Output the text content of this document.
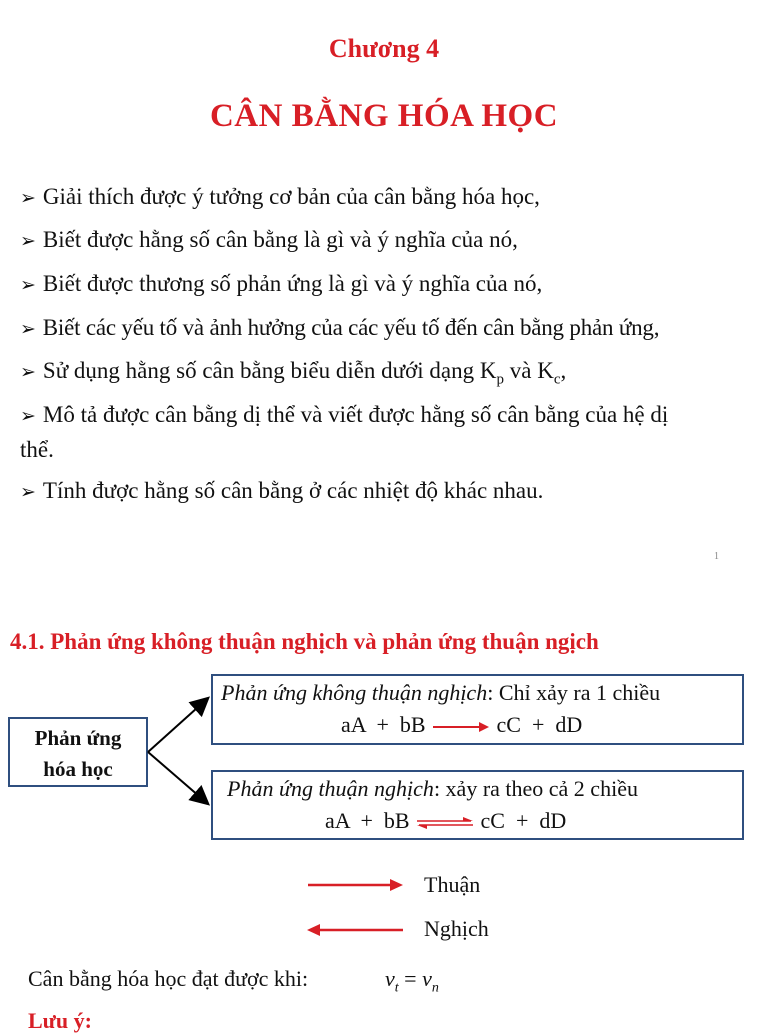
Chương 4
CÂN BẰNG HÓA HỌC
➢ Giải thích được ý tưởng cơ bản của cân bằng hóa học,
➢ Biết được hằng số cân bằng là gì và ý nghĩa của nó,
➢ Biết được thương số phản ứng là gì và ý nghĩa của nó,
➢ Biết các yếu tố và ảnh hưởng của các yếu tố đến cân bằng phản ứng,
➢ Sử dụng hằng số cân bằng biểu diễn dưới dạng $K_p$ và $K_c$,
➢ Mô tả được cân bằng dị thể và viết được hằng số cân bằng của hệ dị
thể.
➢ Tính được hằng số cân bằng ở các nhiệt độ khác nhau.
1
4.1. Phản ứng không thuận nghịch và phản ứng thuận ngịch
Phản ứng
hóa học
Phản ứng không thuận nghịch: Chỉ xảy ra 1 chiều
aA  +  bB	cC  +  dD
Phản ứng thuận nghịch: xảy ra theo cả 2 chiều
aA  +  bB ⇌ cC  +  dD
Thuận
Nghịch
Cân bằng hóa học đạt được khi:	$v_t = v_n$
Lưu ý:
